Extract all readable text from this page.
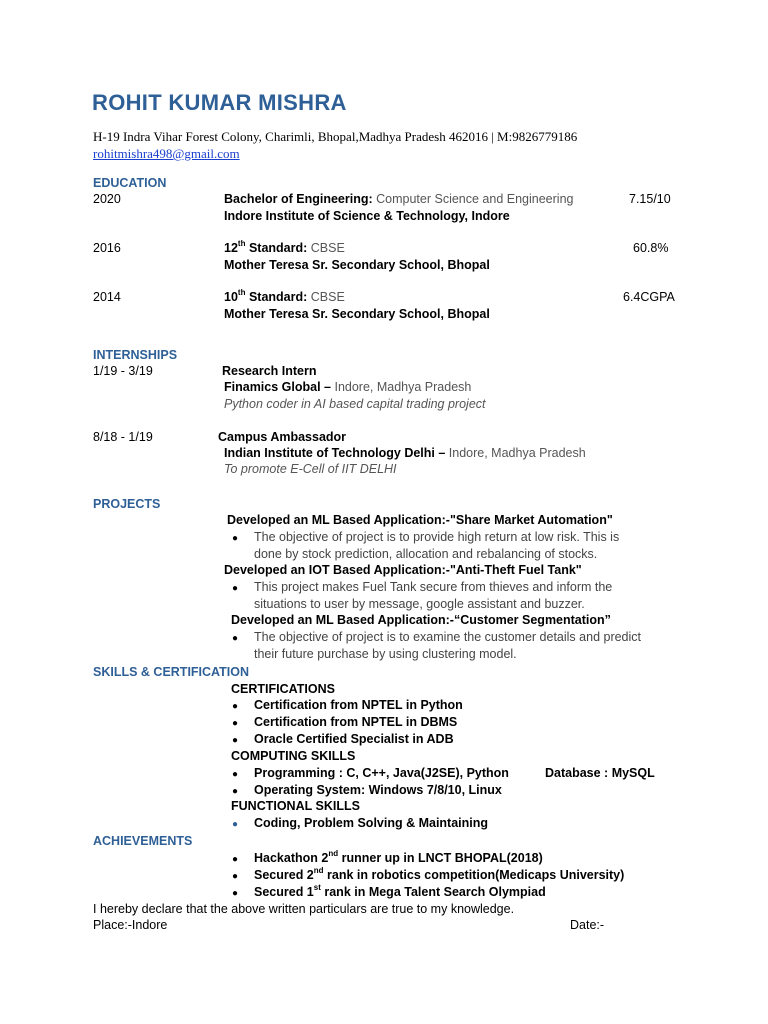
ROHIT KUMAR MISHRA
H-19 Indra Vihar Forest Colony, Charimli, Bhopal,Madhya Pradesh 462016 | M:9826779186
rohitmishra498@gmail.com
EDUCATION
2020	Bachelor of Engineering: Computer Science and Engineering	7.15/10
Indore Institute of Science & Technology, Indore
2016	12th Standard: CBSE	60.8%
Mother Teresa Sr. Secondary School, Bhopal
2014	10th Standard: CBSE	6.4CGPA
Mother Teresa Sr. Secondary School, Bhopal
INTERNSHIPS
1/19 - 3/19	Research Intern
Finamics Global – Indore, Madhya Pradesh
Python coder in AI based capital trading project
8/18 - 1/19	Campus Ambassador
Indian Institute of Technology Delhi – Indore, Madhya Pradesh
To promote E-Cell of IIT DELHI
PROJECTS
Developed an ML Based Application:-"Share Market Automation"
● The objective of project is to provide high return at low risk. This is
done by stock prediction, allocation and rebalancing of stocks.
Developed an IOT Based Application:-"Anti-Theft Fuel Tank"
● This project makes Fuel Tank secure from thieves and inform the
situations to user by message, google assistant and buzzer.
Developed an ML Based Application:-“Customer Segmentation”
● The objective of project is to examine the customer details and predict
their future purchase by using clustering model.
SKILLS & CERTIFICATION
CERTIFICATIONS
● Certification from NPTEL in Python
● Certification from NPTEL in DBMS
● Oracle Certified Specialist in ADB
COMPUTING SKILLS
● Programming : C, C++, Java(J2SE), Python	Database : MySQL
● Operating System: Windows 7/8/10, Linux
FUNCTIONAL SKILLS
● Coding, Problem Solving & Maintaining
ACHIEVEMENTS
● Hackathon 2nd runner up in LNCT BHOPAL(2018)
● Secured 2nd rank in robotics competition(Medicaps University)
● Secured 1st rank in Mega Talent Search Olympiad
I hereby declare that the above written particulars are true to my knowledge.
Place:-Indore	Date:-
